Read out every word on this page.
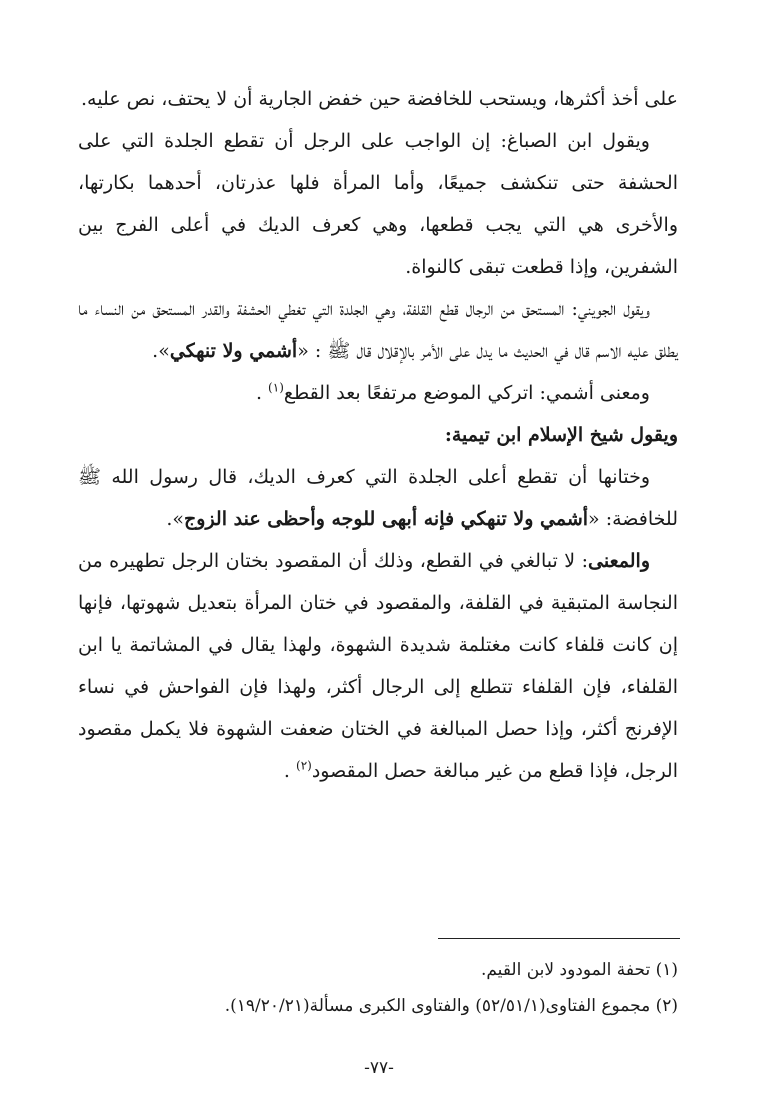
على أخذ أكثرها، ويستحب للخافضة حين خفض الجارية أن لا يحتف، نص عليه.

ويقول ابن الصباغ: إن الواجب على الرجل أن تقطع الجلدة التي على الحشفة حتى تنكشف جميعًا، وأما المرأة فلها عذرتان، أحدهما بكارتها، والأخرى هي التي يجب قطعها، وهي كعرف الديك في أعلى الفرج بين الشفرين، وإذا قطعت تبقى كالنواة.

ويقول الجويني: المستحق من الرجال قطع القلفة، وهي الجلدة التي تغطي الحشفة والقدر المستحق من النساء ما يطلق عليه الاسم قال في الحديث ما يدل على الأمر بالإقلال قال ﷺ : «أشمي ولا تنهكي».

ومعنى أشمي: اتركي الموضع مرتفعًا بعد القطع$^{(١)}$ .

ويقول شيخ الإسلام ابن تيمية:

وختانها أن تقطع أعلى الجلدة التي كعرف الديك، قال رسول الله ﷺ للخافضة: «أشمي ولا تنهكي فإنه أبهى للوجه وأحظى عند الزوج».

والمعنى: لا تبالغي في القطع، وذلك أن المقصود بختان الرجل تطهيره من النجاسة المتبقية في القلفة، والمقصود في ختان المرأة بتعديل شهوتها، فإنها إن كانت قلفاء كانت مغتلمة شديدة الشهوة، ولهذا يقال في المشاتمة يا ابن القلفاء، فإن القلفاء تتطلع إلى الرجال أكثر، ولهذا فإن الفواحش في نساء الإفرنج أكثر، وإذا حصل المبالغة في الختان ضعفت الشهوة فلا يكمل مقصود الرجل، فإذا قطع من غير مبالغة حصل المقصود$^{(٢)}$ .

(١) تحفة المودود لابن القيم.

(٢) مجموع الفتاوى(٥٢/٥١/١) والفتاوى الكبرى مسألة(١٩/٢٠/٢١).

-٧٧-
